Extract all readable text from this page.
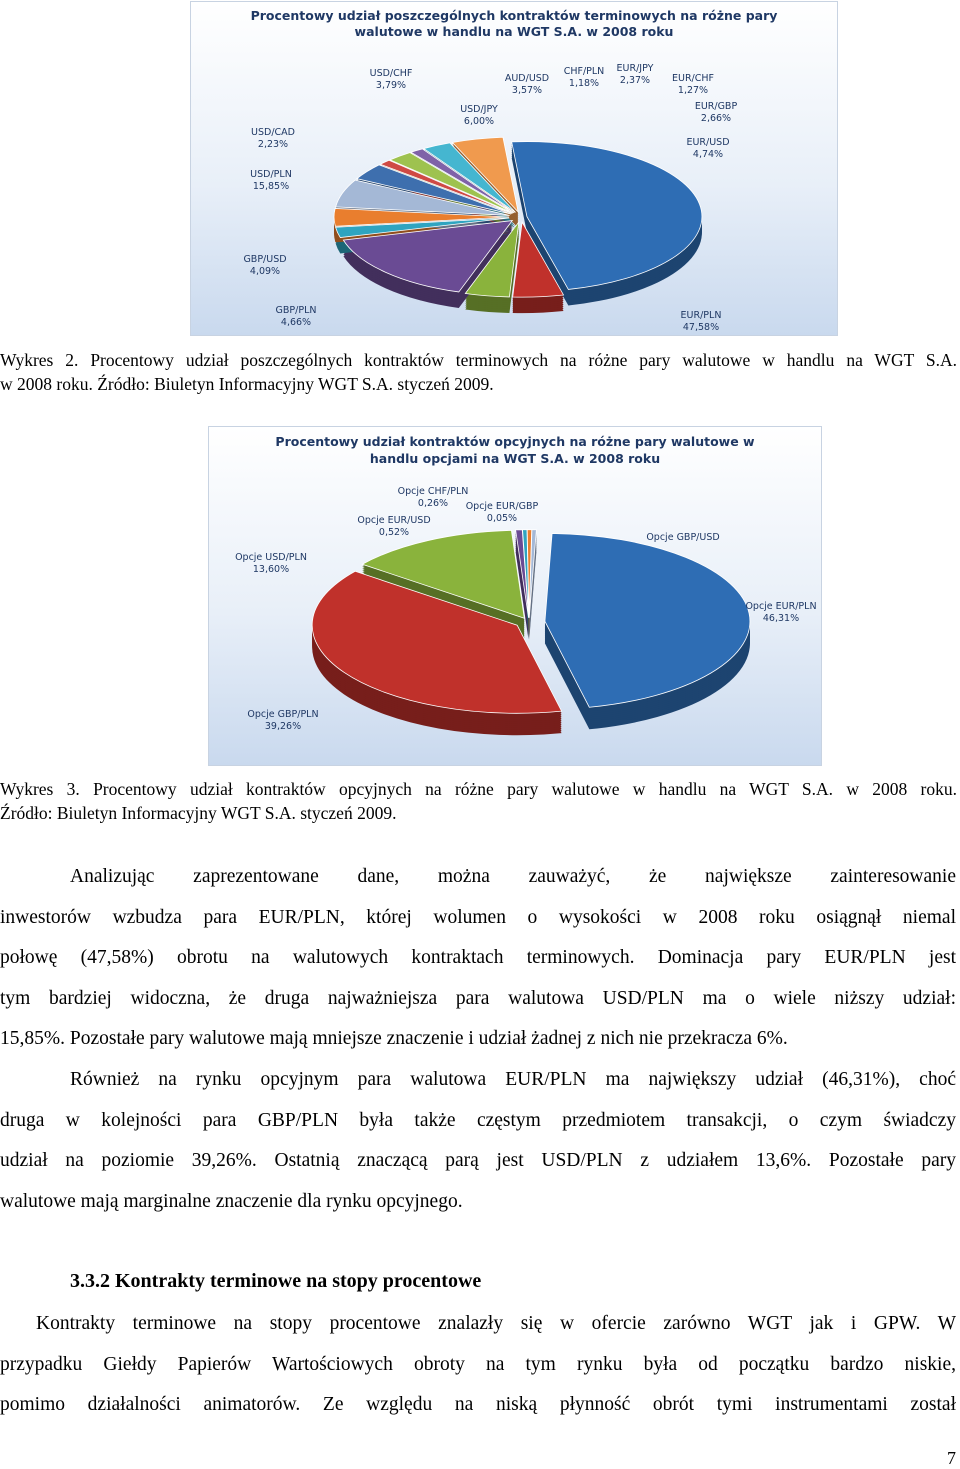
Procentowy udział poszczególnych kontraktów terminowych na różne pary
walutowe w handlu na WGT S.A. w 2008 roku
EUR/PLN
47,58%
GBP/PLN
4,66%
GBP/USD
4,09%
USD/PLN
15,85%
USD/CAD
2,23%
USD/CHF
3,79%
USD/JPY
6,00%
AUD/USD
3,57%
CHF/PLN
1,18%
EUR/JPY
2,37% EUR/CHF
1,27%
EUR/GBP
2,66%
EUR/USD
4,74%
Wykres 2. Procentowy udział poszczególnych kontraktów terminowych na różne pary walutowe w handlu na WGT S.A.
w 2008 roku. Źródło: Biuletyn Informacyjny WGT S.A. styczeń 2009.
Procentowy udział kontraktów opcyjnych na różne pary walutowe w
handlu opcjami na WGT S.A. w 2008 roku
Opcje EUR/PLN
46,31%
Opcje GBP/PLN
39,26%
Opcje USD/PLN
13,60%
Opcje EUR/USD
0,52%
Opcje CHF/PLN
0,26% Opcje EUR/GBP
0,05%
Opcje GBP/USD
Wykres 3. Procentowy udział kontraktów opcyjnych na różne pary walutowe w handlu na WGT S.A. w 2008 roku.
Źródło: Biuletyn Informacyjny WGT S.A. styczeń 2009.
Analizując zaprezentowane dane, można zauważyć, że największe zainteresowanie
inwestorów wzbudza para EUR/PLN, której wolumen o wysokości w 2008 roku osiągnął niemal
połowę (47,58%) obrotu na walutowych kontraktach terminowych. Dominacja pary EUR/PLN jest
tym bardziej widoczna, że druga najważniejsza para walutowa USD/PLN ma o wiele niższy udział:
15,85%. Pozostałe pary walutowe mają mniejsze znaczenie i udział żadnej z nich nie przekracza 6%.
Również na rynku opcyjnym para walutowa EUR/PLN ma największy udział (46,31%), choć
druga w kolejności para GBP/PLN była także częstym przedmiotem transakcji, o czym świadczy
udział na poziomie 39,26%. Ostatnią znaczącą parą jest USD/PLN z udziałem 13,6%. Pozostałe pary
walutowe mają marginalne znaczenie dla rynku opcyjnego.
3.3.2 Kontrakty terminowe na stopy procentowe
Kontrakty terminowe na stopy procentowe znalazły się w ofercie zarówno WGT jak i GPW. W
przypadku Giełdy Papierów Wartościowych obroty na tym rynku była od początku bardzo niskie,
pomimo działalności animatorów. Ze względu na niską płynność obrót tymi instrumentami został
7
